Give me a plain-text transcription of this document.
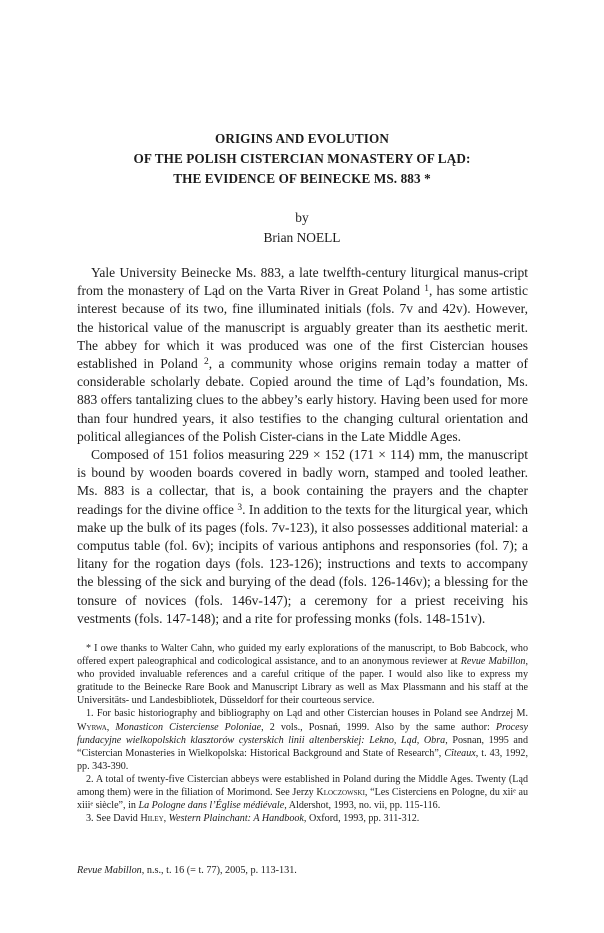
ORIGINS AND EVOLUTION
OF THE POLISH CISTERCIAN MONASTERY OF LĄD:
THE EVIDENCE OF BEINECKE MS. 883 *
by
Brian NOELL

Yale University Beinecke Ms. 883, a late twelfth-century liturgical manus-cript from the monastery of Ląd on the Varta River in Great Poland $^1$, has some artistic interest because of its two, fine illuminated initials (fols. 7v and 42v). However, the historical value of the manuscript is arguably greater than its aesthetic merit. The abbey for which it was produced was one of the first Cistercian houses established in Poland $^2$, a community whose origins remain today a matter of considerable scholarly debate. Copied around the time of Ląd’s foundation, Ms. 883 offers tantalizing clues to the abbey’s early history. Having been used for more than four hundred years, it also testifies to the changing cultural orientation and political allegiances of the Polish Cister-cians in the Late Middle Ages.

Composed of 151 folios measuring 229 × 152 (171 × 114) mm, the manuscript is bound by wooden boards covered in badly worn, stamped and tooled leather. Ms. 883 is a collectar, that is, a book containing the prayers and the chapter readings for the divine office $^3$. In addition to the texts for the liturgical year, which make up the bulk of its pages (fols. 7v-123), it also possesses additional material: a computus table (fol. 6v); incipits of various antiphons and responsories (fol. 7); a litany for the rogation days (fols. 123-126); instructions and texts to accompany the blessing of the sick and burying of the dead (fols. 126-146v); a blessing for the tonsure of novices (fols. 146v-147); a ceremony for a priest receiving his vestments (fols. 147-148); and a rite for professing monks (fols. 148-151v).

* I owe thanks to Walter Cahn, who guided my early explorations of the manuscript, to Bob Babcock, who offered expert paleographical and codicological assistance, and to an anonymous reviewer at Revue Mabillon, who provided invaluable references and a careful critique of the paper. I would also like to express my gratitude to the Beinecke Rare Book and Manuscript Library as well as Max Plassmann and his staff at the Universitäts- und Landesbibliotek, Düsseldorf for their courteous service.

1. For basic historiography and bibliography on Ląd and other Cistercian houses in Poland see Andrzej M. Wyrwa, Monasticon Cisterciense Poloniae, 2 vols., Posnań, 1999. Also by the same author: Procesy fundacyjne wielkopolskich klasztorów cysterskich linii altenberskiej: Lekno, Ląd, Obra, Posnan, 1995 and “Cistercian Monasteries in Wielkopolska: Historical Background and State of Research”, Cîteaux, t. 43, 1992, pp. 343-390.

2. A total of twenty-five Cistercian abbeys were established in Poland during the Middle Ages. Twenty (Ląd among them) were in the filiation of Morimond. See Jerzy Kloczowski, “Les Cisterciens en Pologne, du xiiᵉ au xiiiᵉ siècle”, in La Pologne dans l’Église médiévale, Aldershot, 1993, no. vii, pp. 115-116.

3. See David Hiley, Western Plainchant: A Handbook, Oxford, 1993, pp. 311-312.

Revue Mabillon, n.s., t. 16 (= t. 77), 2005, p. 113-131.
